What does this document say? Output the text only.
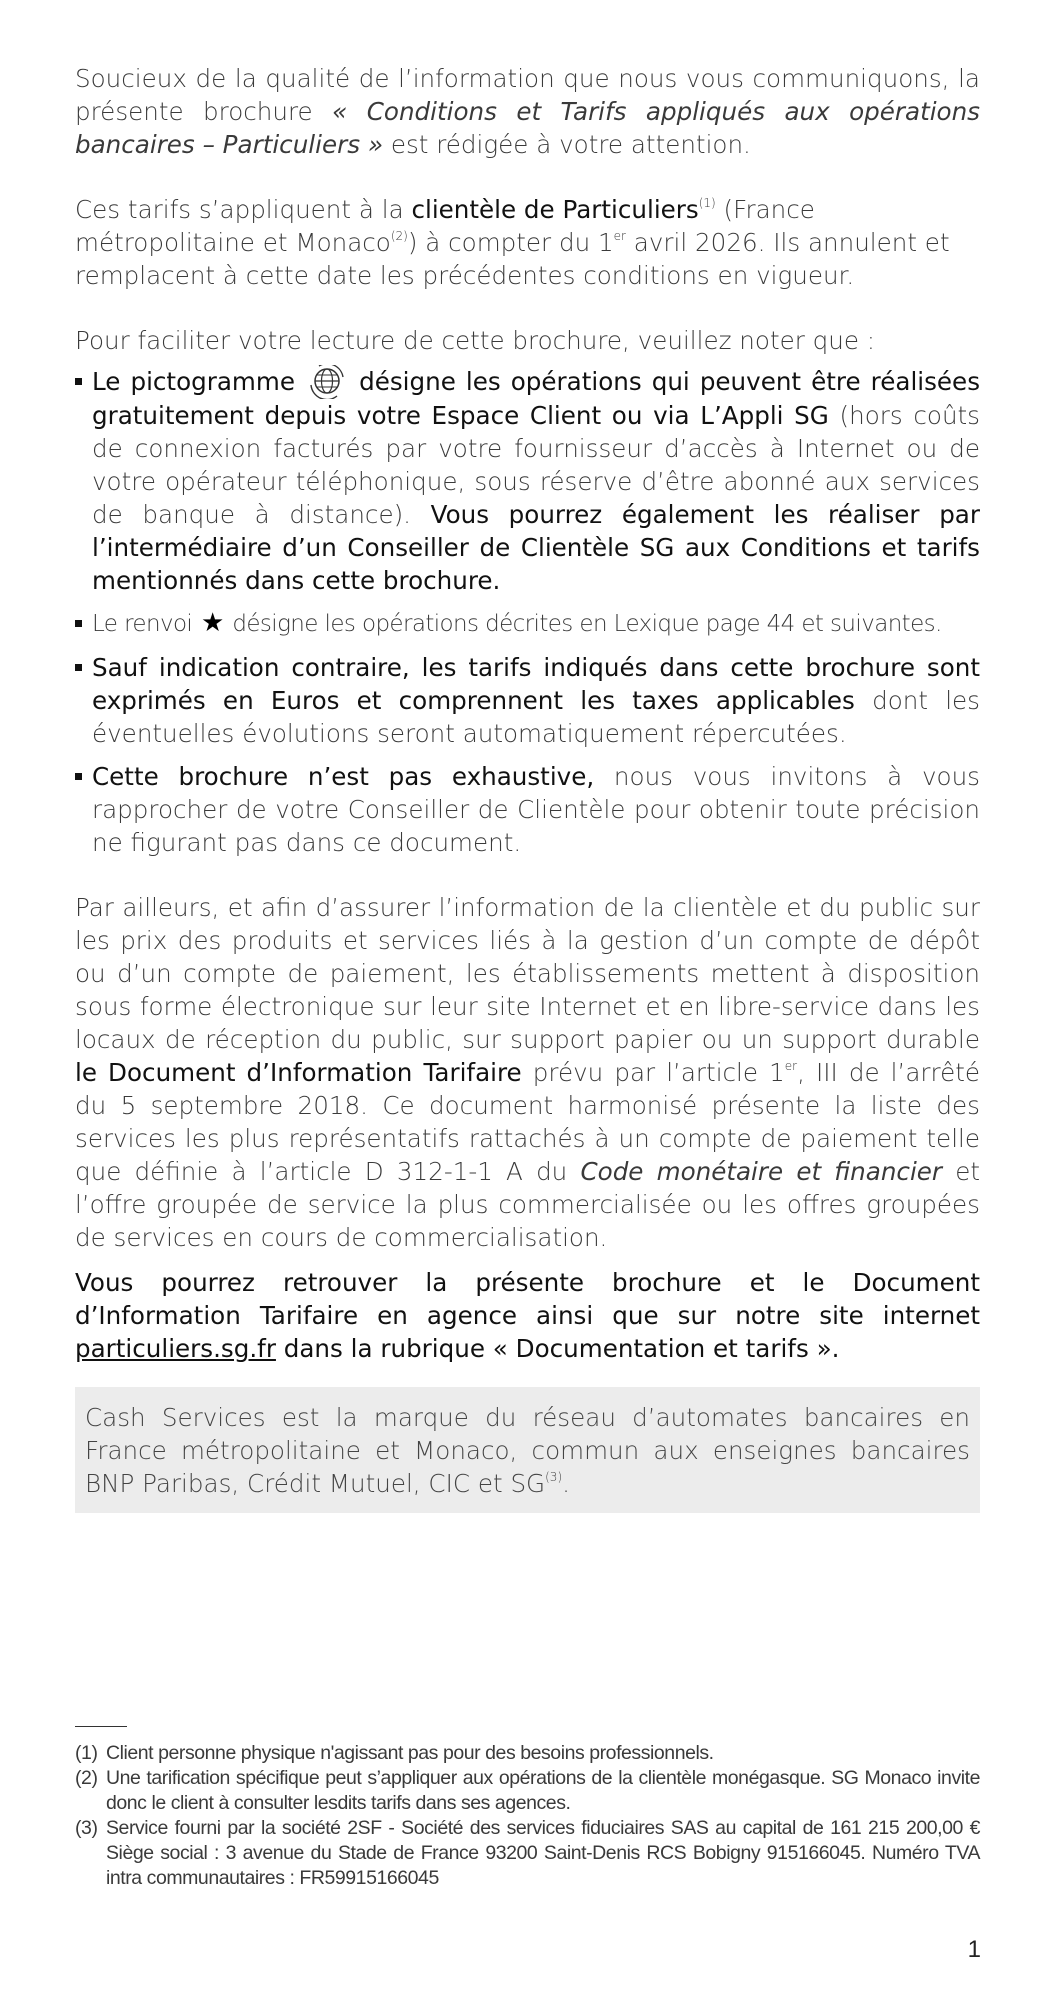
Soucieux de la qualité de l’information que nous vous communiquons, la présente brochure « Conditions et Tarifs appliqués aux opérations bancaires – Particuliers » est rédigée à votre attention.

Ces tarifs s’appliquent à la clientèle de Particuliers$^{(1)}$ (France métropolitaine et Monaco$^{(2)}$) à compter du 1er avril 2026. Ils annulent et remplacent à cette date les précédentes conditions en vigueur.

Pour faciliter votre lecture de cette brochure, veuillez noter que :

Le pictogramme  désigne les opérations qui peuvent être réalisées gratuitement depuis votre Espace Client ou via L’Appli SG (hors coûts de connexion facturés par votre fournisseur d’accès à Internet ou de votre opérateur téléphonique, sous réserve d’être abonné aux services de banque à distance). Vous pourrez également les réaliser par l’intermédiaire d’un Conseiller de Clientèle SG aux Conditions et tarifs mentionnés dans cette brochure.
Le renvoi ★ désigne les opérations décrites en Lexique page 44 et suivantes.
Sauf indication contraire, les tarifs indiqués dans cette brochure sont exprimés en Euros et comprennent les taxes applicables dont les éventuelles évolutions seront automatiquement répercutées.
Cette brochure n’est pas exhaustive, nous vous invitons à vous rapprocher de votre Conseiller de Clientèle pour obtenir toute précision ne figurant pas dans ce document.

Par ailleurs, et afin d’assurer l’information de la clientèle et du public sur les prix des produits et services liés à la gestion d’un compte de dépôt ou d’un compte de paiement, les établissements mettent à disposition sous forme électronique sur leur site Internet et en libre-service dans les locaux de réception du public, sur support papier ou un support durable le Document d’Information Tarifaire prévu par l’article 1er, III de l’arrêté du 5 septembre 2018. Ce document harmonisé présente la liste des services les plus représentatifs rattachés à un compte de paiement telle que définie à l’article D 312-1-1 A du Code monétaire et financier et l’offre groupée de service la plus commercialisée ou les offres groupées de services en cours de commercialisation.

Vous pourrez retrouver la présente brochure et le Document d’Information Tarifaire en agence ainsi que sur notre site internet particuliers.sg.fr dans la rubrique « Documentation et tarifs ».

Cash Services est la marque du réseau d’automates bancaires en France métropolitaine et Monaco, commun aux enseignes bancaires BNP Paribas, Crédit Mutuel, CIC et SG$^{(3)}$.
(1) Client personne physique n'agissant pas pour des besoins professionnels.
(2) Une tarification spécifique peut s’appliquer aux opérations de la clientèle monégasque. SG Monaco invite donc le client à consulter lesdits tarifs dans ses agences.
(3) Service fourni par la société 2SF - Société des services fiduciaires SAS au capital de 161 215 200,00 € Siège social : 3 avenue du Stade de France 93200 Saint-Denis RCS Bobigny 915166045. Numéro TVA intra communautaires : FR59915166045
1
